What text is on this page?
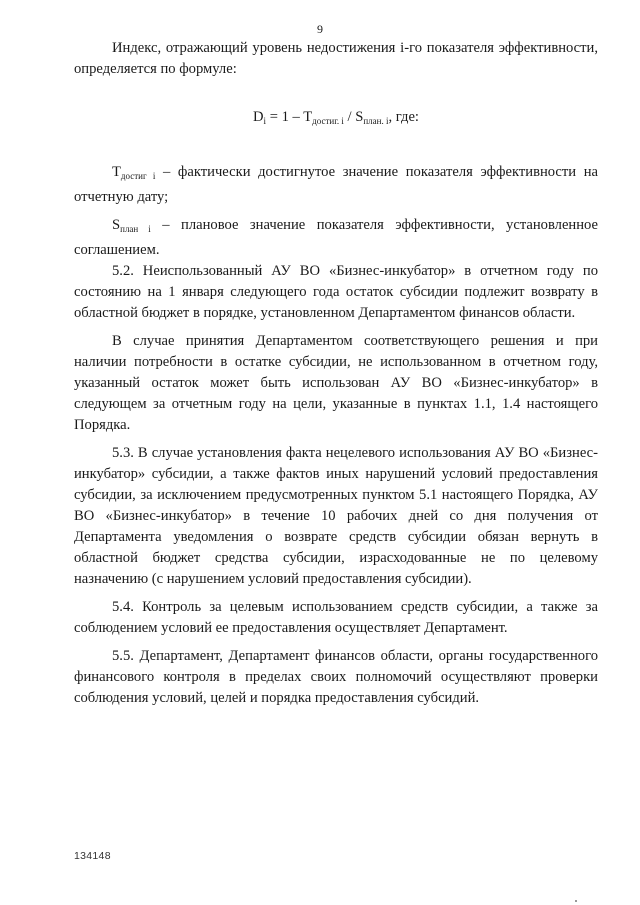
9

Индекс, отражающий уровень недостижения i-го показателя эффективности, определяется по формуле:

$D_i = 1 - T_{достиг. i} / S_{план. i}$, где:

$T_{достиг i}$ – фактически достигнутое значение показателя эффективности на отчетную дату;

$S_{план i}$ – плановое значение показателя эффективности, установленное соглашением.

5.2. Неиспользованный АУ ВО «Бизнес-инкубатор» в отчетном году по состоянию на 1 января следующего года остаток субсидии подлежит возврату в областной бюджет в порядке, установленном Департаментом финансов области.

В случае принятия Департаментом соответствующего решения и при наличии потребности в остатке субсидии, не использованном в отчетном году, указанный остаток может быть использован АУ ВО «Бизнес-инкубатор» в следующем за отчетным году на цели, указанные в пунктах 1.1, 1.4 настоящего Порядка.

5.3. В случае установления факта нецелевого использования АУ ВО «Бизнес-инкубатор» субсидии, а также фактов иных нарушений условий предоставления субсидии, за исключением предусмотренных пунктом 5.1 настоящего Порядка, АУ ВО «Бизнес-инкубатор» в течение 10 рабочих дней со дня получения от Департамента уведомления о возврате средств субсидии обязан вернуть в областной бюджет средства субсидии, израсходованные не по целевому назначению (с нарушением условий предоставления субсидии).

5.4. Контроль за целевым использованием средств субсидии, а также за соблюдением условий ее предоставления осуществляет Департамент.

5.5. Департамент, Департамент финансов области, органы государственного финансового контроля в пределах своих полномочий осуществляют проверки соблюдения условий, целей и порядка предоставления субсидий.

134148
